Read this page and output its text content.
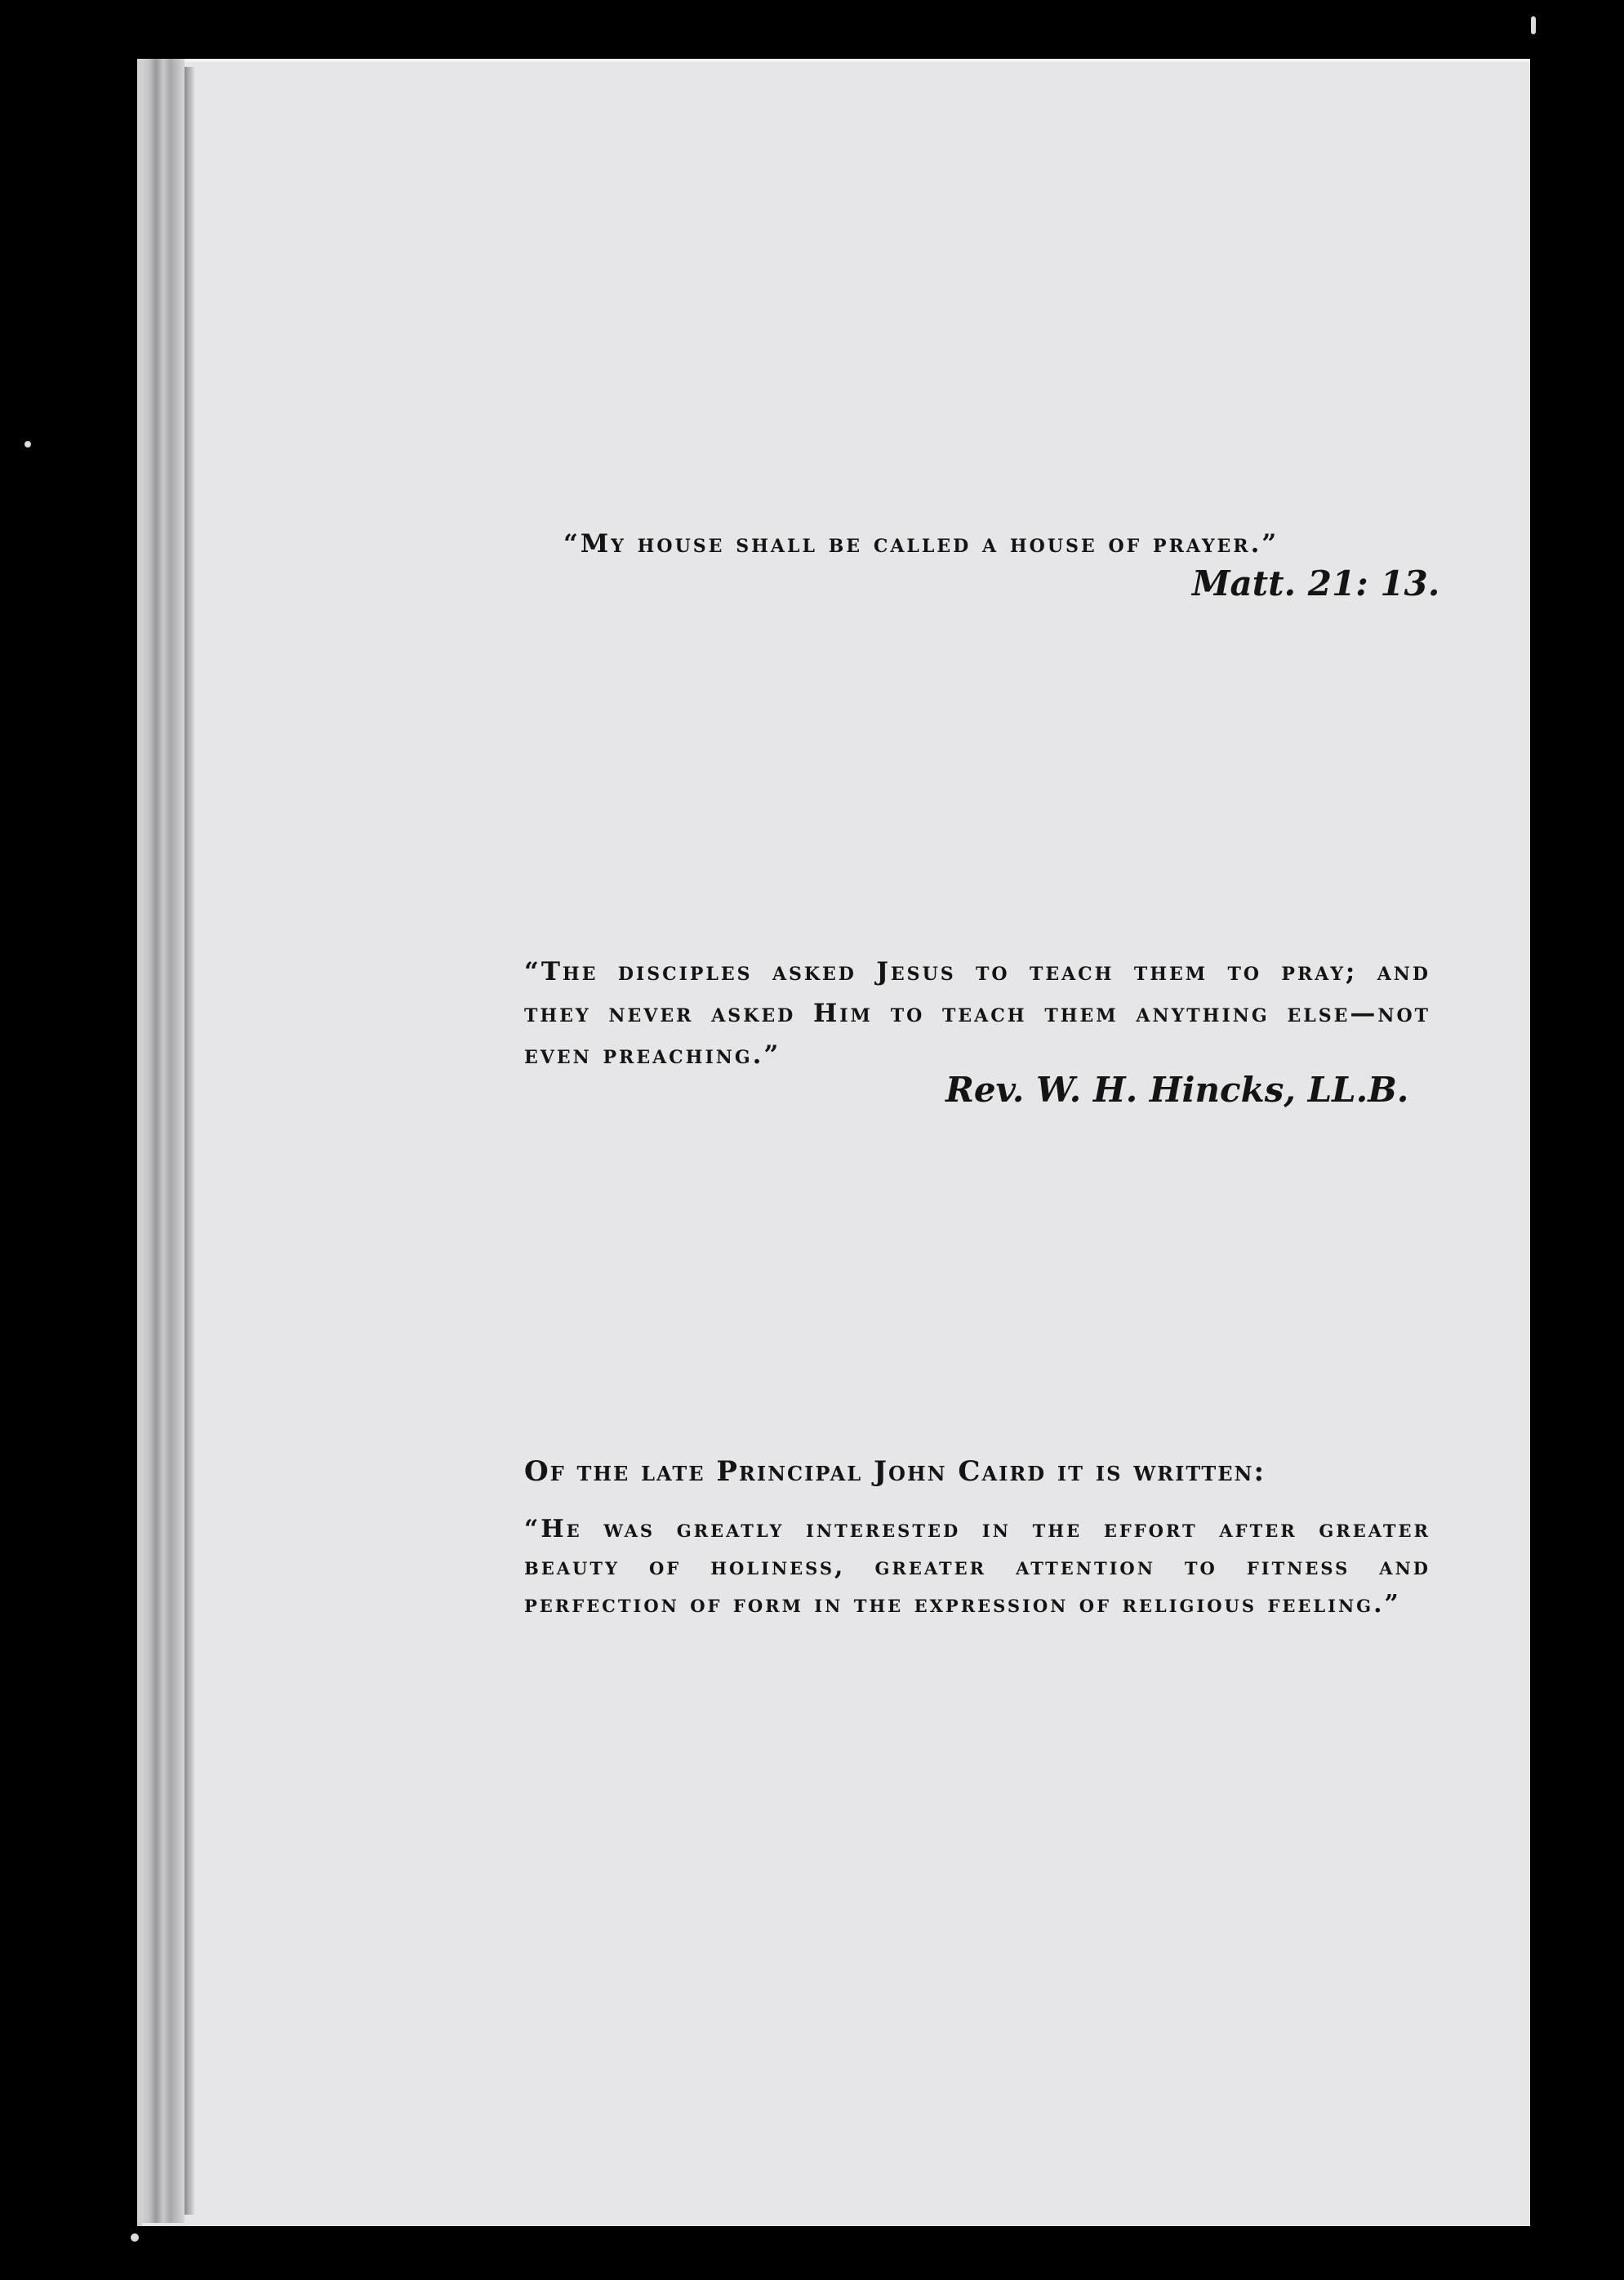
“My house shall be called a house of prayer.”
Matt. 21: 13.
“The disciples asked Jesus to teach them to pray; and they never asked Him to teach them anything else—not even preaching.”
Rev. W. H. Hincks, LL.B.
Of the late Principal John Caird it is written:
“He was greatly interested in the effort after greater beauty of holiness, greater attention to fitness and perfection of form in the expression of religious feeling.”
